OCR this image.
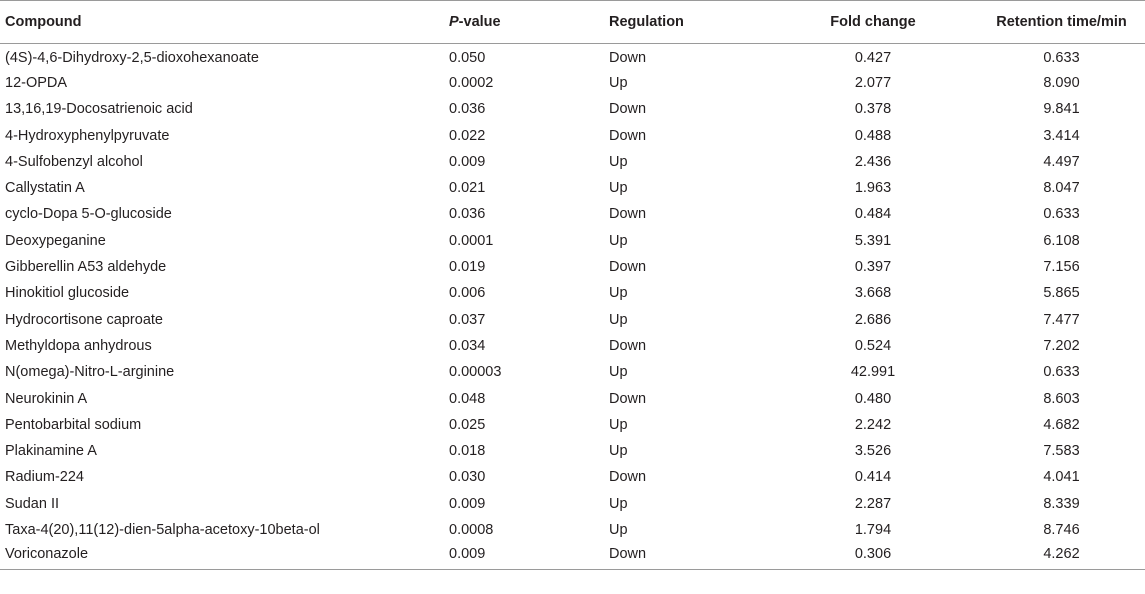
Compound	P-value	Regulation	Fold change	Retention time/min
(4S)-4,6-Dihydroxy-2,5-dioxohexanoate	0.050	Down	0.427	0.633
12-OPDA	0.0002	Up	2.077	8.090
13,16,19-Docosatrienoic acid	0.036	Down	0.378	9.841
4-Hydroxyphenylpyruvate	0.022	Down	0.488	3.414
4-Sulfobenzyl alcohol	0.009	Up	2.436	4.497
Callystatin A	0.021	Up	1.963	8.047
cyclo-Dopa 5-O-glucoside	0.036	Down	0.484	0.633
Deoxypeganine	0.0001	Up	5.391	6.108
Gibberellin A53 aldehyde	0.019	Down	0.397	7.156
Hinokitiol glucoside	0.006	Up	3.668	5.865
Hydrocortisone caproate	0.037	Up	2.686	7.477
Methyldopa anhydrous	0.034	Down	0.524	7.202
N(omega)-Nitro-L-arginine	0.00003	Up	42.991	0.633
Neurokinin A	0.048	Down	0.480	8.603
Pentobarbital sodium	0.025	Up	2.242	4.682
Plakinamine A	0.018	Up	3.526	7.583
Radium-224	0.030	Down	0.414	4.041
Sudan II	0.009	Up	2.287	8.339
Taxa-4(20),11(12)-dien-5alpha-acetoxy-10beta-ol	0.0008	Up	1.794	8.746
Voriconazole	0.009	Down	0.306	4.262
